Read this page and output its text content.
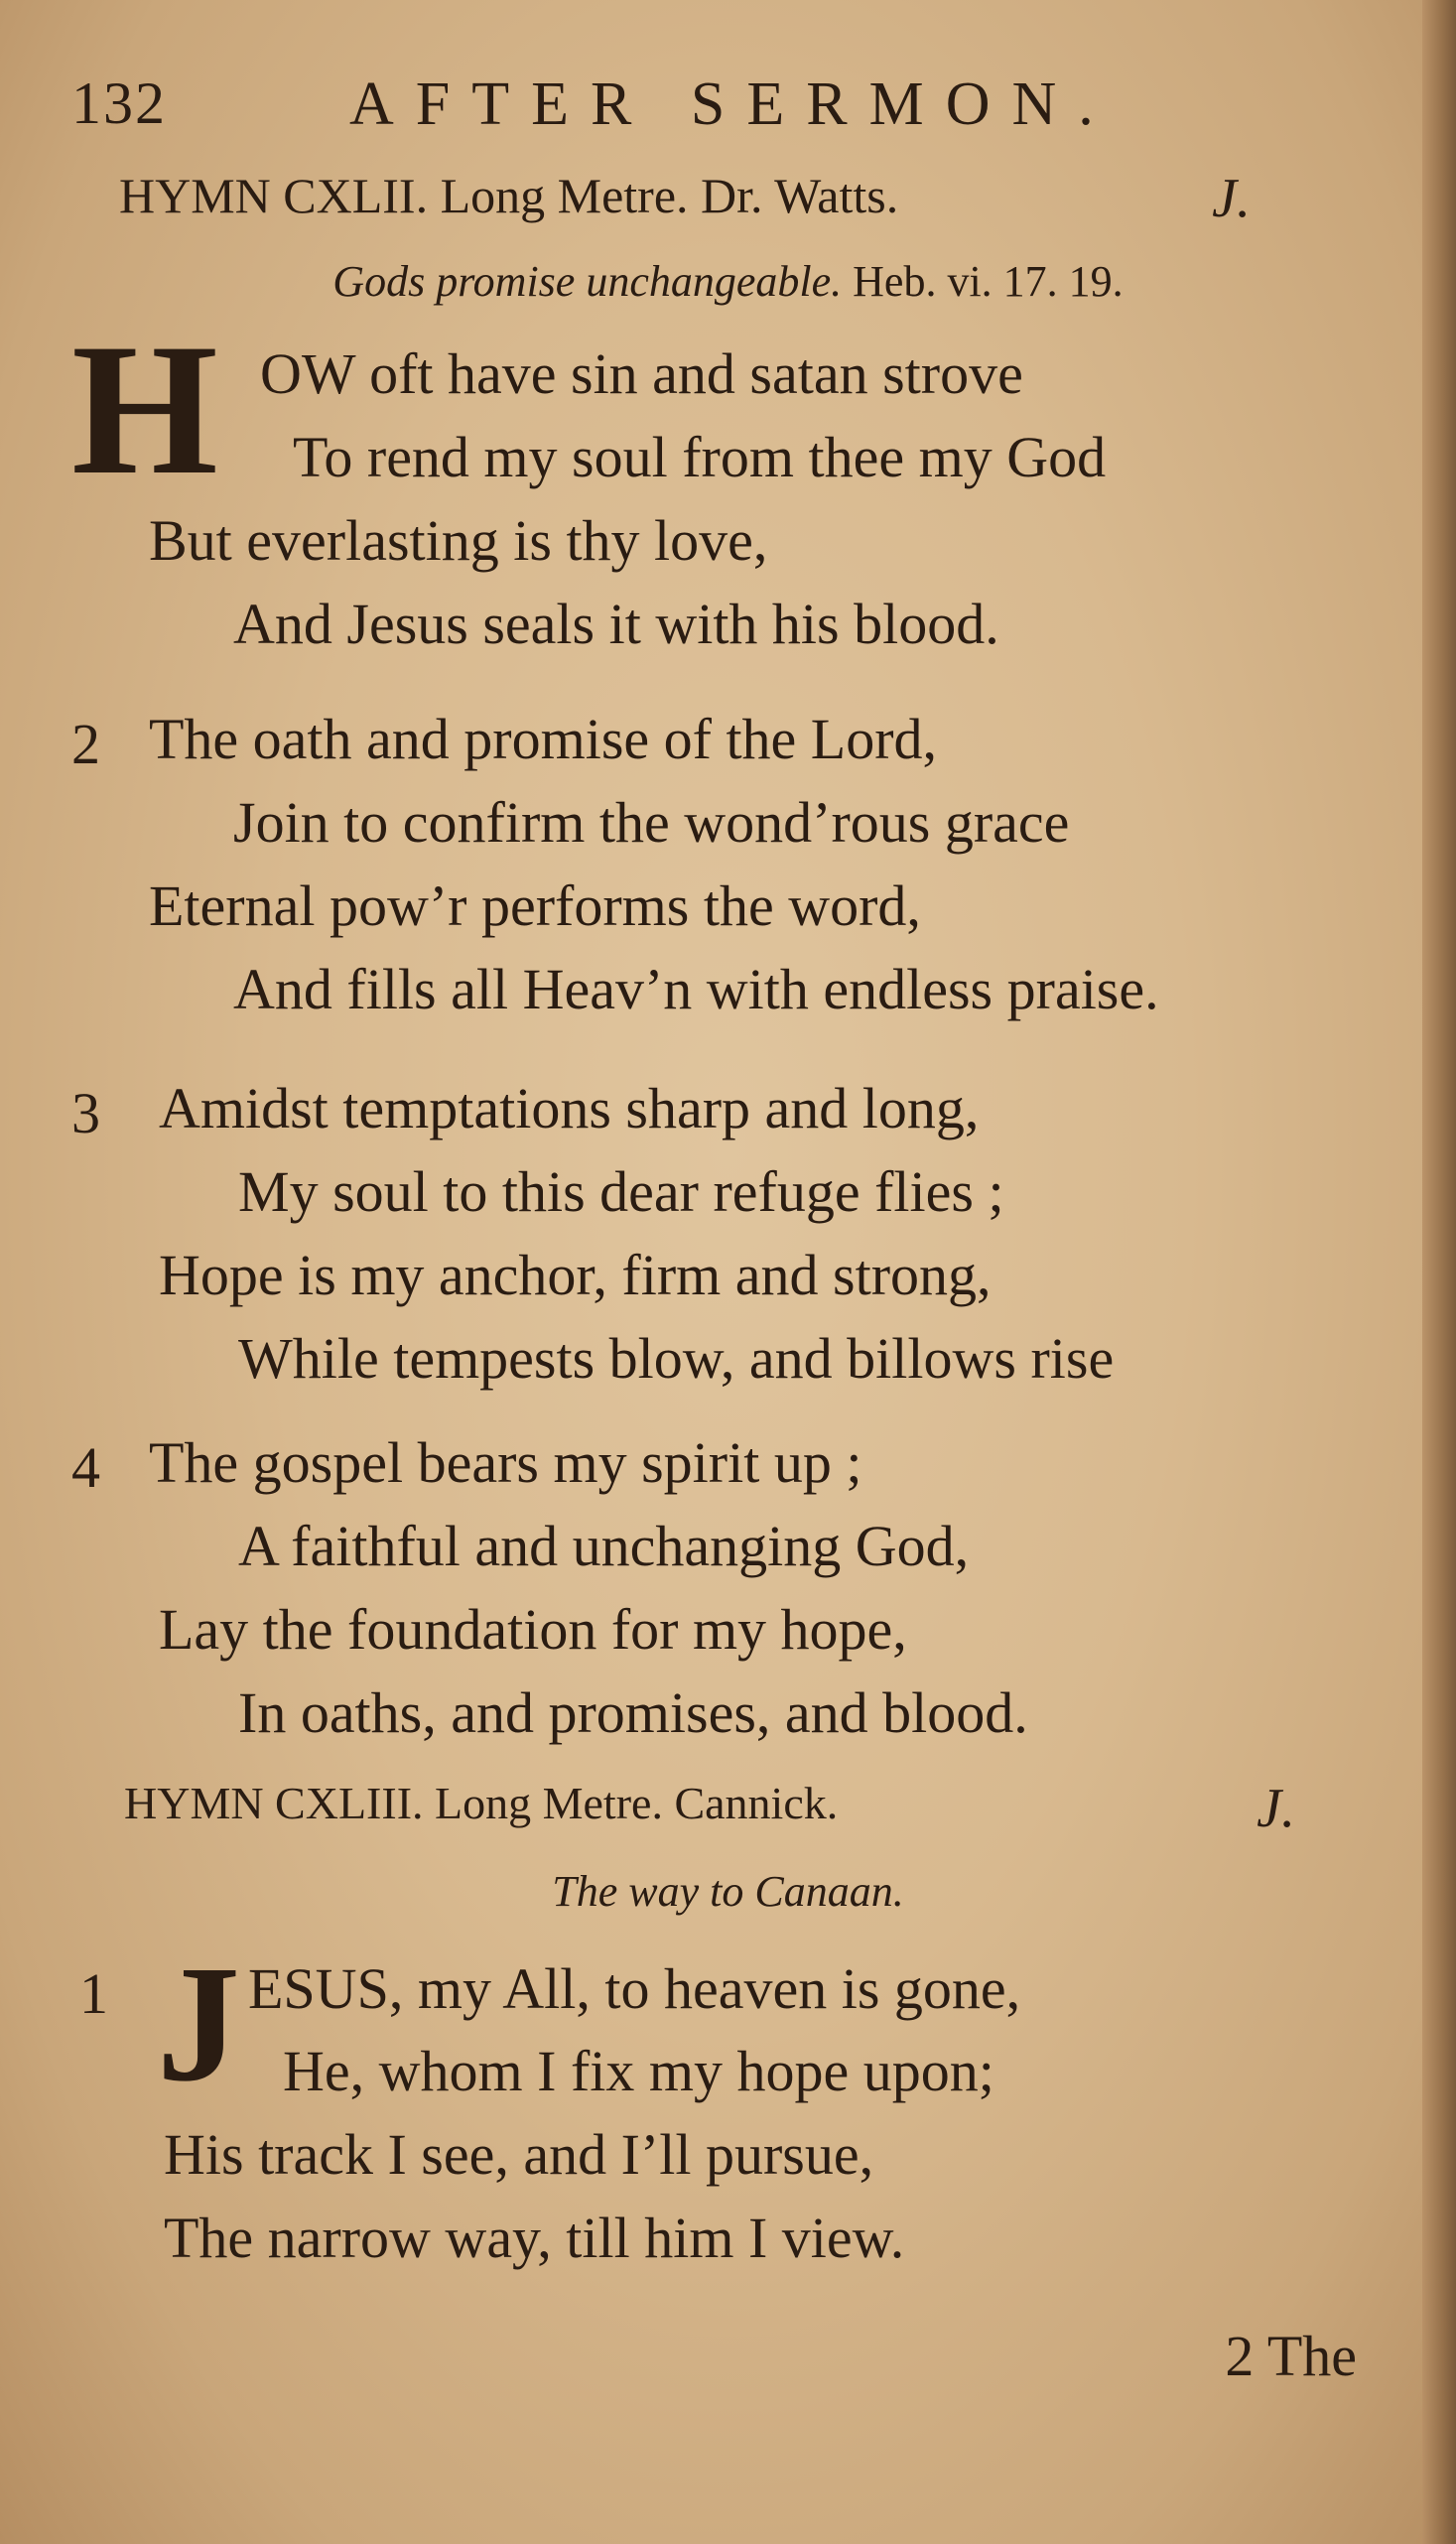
132	AFTER SERMON.
HYMN CXLII. Long Metre. Dr. Watts.	J.
Gods promise unchangeable. Heb. vi. 17. 19.
H OW oft have sin and satan strove
To rend my soul from thee my God
But everlasting is thy love,
And Jesus seals it with his blood.
2 The oath and promise of the Lord,
Join to confirm the wond’rous grace
Eternal pow’r performs the word,
And fills all Heav’n with endless praise.
3 Amidst temptations sharp and long,
My soul to this dear refuge flies ;
Hope is my anchor, firm and strong,
While tempests blow, and billows rise
4 The gospel bears my spirit up ;
A faithful and unchanging God,
Lay the foundation for my hope,
In oaths, and promises, and blood.
HYMN CXLIII. Long Metre. Cannick.	J.
The way to Canaan.
1 J ESUS, my All, to heaven is gone,
He, whom I fix my hope upon;
His track I see, and I’ll pursue,
The narrow way, till him I view.
2 The
